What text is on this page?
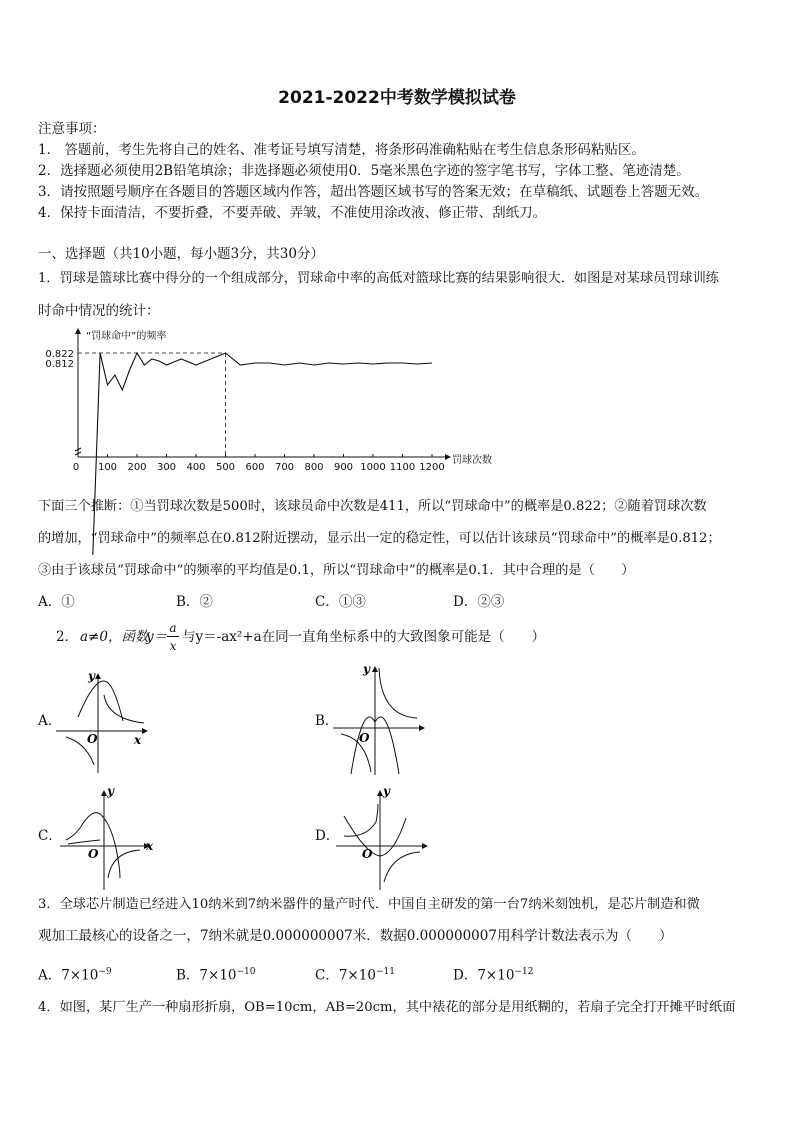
2021-2022中考数学模拟试卷
注意事项：
1． 答题前，考生先将自己的姓名、准考证号填写清楚，将条形码准确粘贴在考生信息条形码粘贴区。
2．选择题必须使用2B铅笔填涂；非选择题必须使用0．5毫米黑色字迹的签字笔书写，字体工整、笔迹清楚。
3．请按照题号顺序在各题目的答题区域内作答，超出答题区域书写的答案无效；在草稿纸、试题卷上答题无效。
4．保持卡面清洁，不要折叠，不要弄破、弄皱，不准使用涂改液、修正带、刮纸刀。
一、选择题（共10小题，每小题3分，共30分）
1．罚球是篮球比赛中得分的一个组成部分，罚球命中率的高低对篮球比赛的结果影响很大．如图是对某球员罚球训练
时命中情况的统计：
“罚球命中”的频率
罚球次数
0.822
0.812
0 100 200 300 400 500 600 700 800 900 1000 1100 1200
下面三个推断：①当罚球次数是500时，该球员命中次数是411，所以“罚球命中”的概率是0.822；②随着罚球次数
的增加，“罚球命中”的频率总在0.812附近摆动，显示出一定的稳定性，可以估计该球员“罚球命中”的概率是0.812；
③由于该球员“罚球命中”的频率的平均值是0.1，所以“罚球命中”的概率是0.1．其中合理的是（　　）
A．①	B．②	C．①③	D．②③
2． a≠0，函数
y＝
a
x
与y＝-ax²+a在同一直角坐标系中的大致图象可能是（　　）
A．	B．
C．	D．
y
x
O
y
O
y
x
O
y
O
3．全球芯片制造已经进入10纳米到7纳米器件的量产时代．中国自主研发的第一台7纳米刻蚀机，是芯片制造和微
观加工最核心的设备之一，7纳米就是0.000000007米．数据0.000000007用科学计数法表示为（　　）
A．$7\times 10^{-9}$	B．$7\times 10^{-10}$	C．$7\times 10^{-11}$	D．$7\times 10^{-12}$
4．如图，某厂生产一种扇形折扇，OB=10cm，AB=20cm，其中裱花的部分是用纸糊的，若扇子完全打开摊平时纸面
